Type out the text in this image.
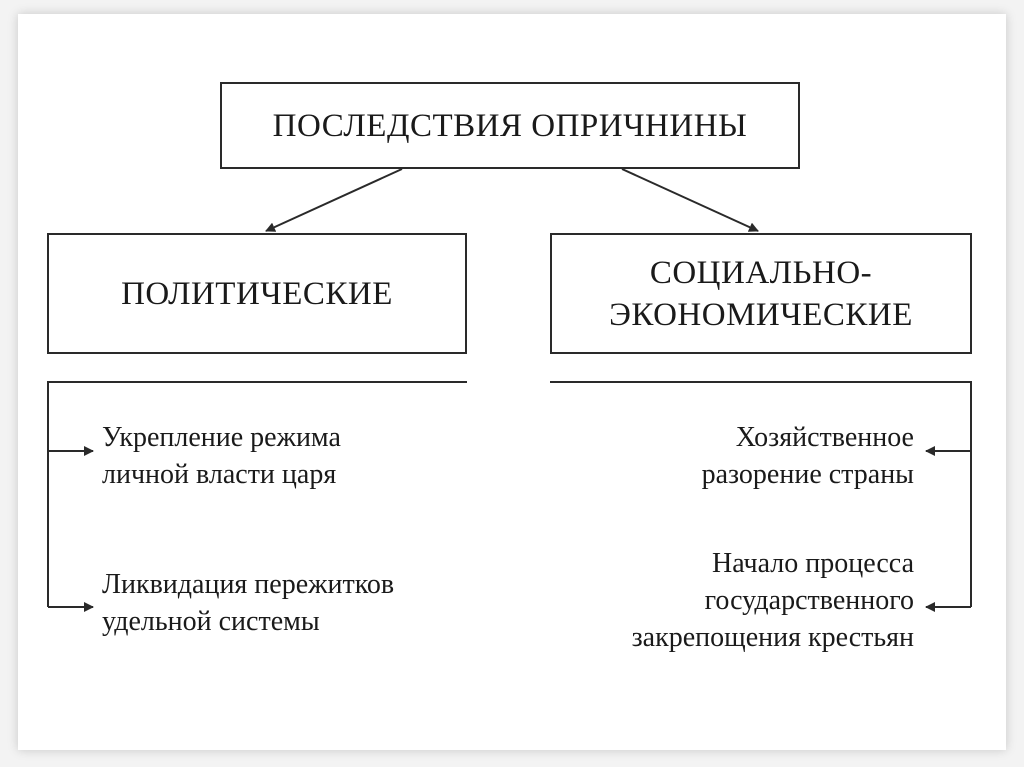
ПОСЛЕДСТВИЯ ОПРИЧНИНЫ
ПОЛИТИЧЕСКИЕ
СОЦИАЛЬНО-
ЭКОНОМИЧЕСКИЕ
Укрепление режима
личной власти царя
Ликвидация пережитков
удельной системы
Хозяйственное
разорение страны
Начало процесса
государственного
закрепощения крестьян
